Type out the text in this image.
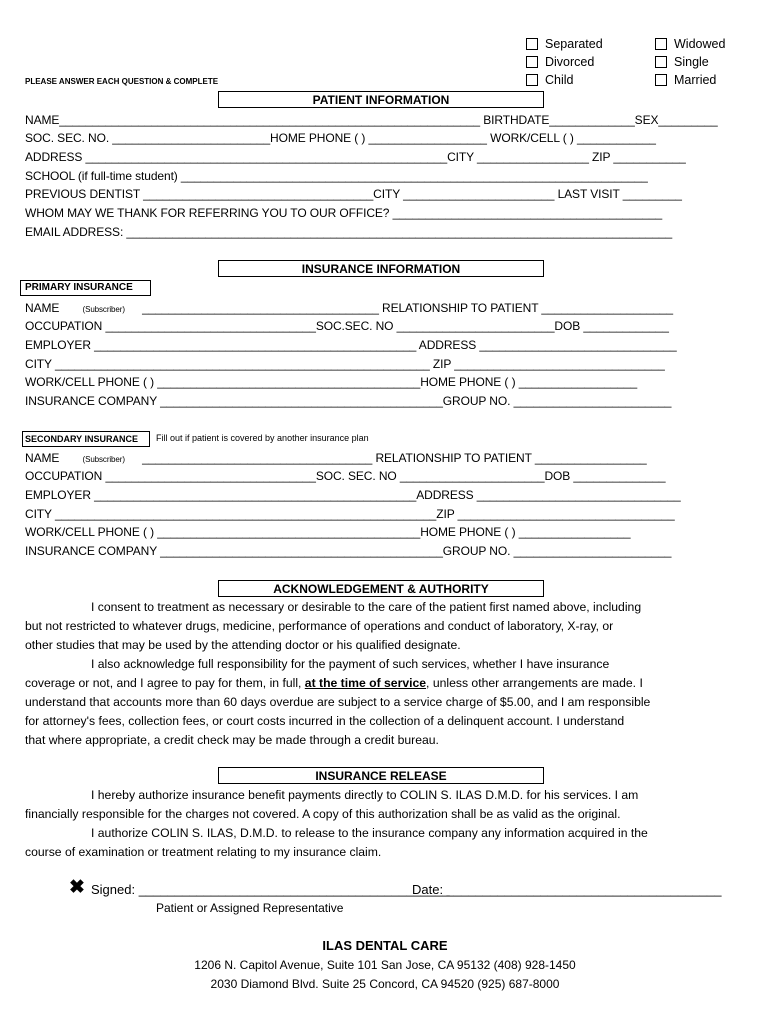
Separated
Divorced
Child
Widowed
Single
Married
PLEASE ANSWER EACH QUESTION & COMPLETE
PATIENT INFORMATION
NAME________________________________________________________________ BIRTHDATE_____________SEX_________
SOC. SEC. NO. ________________________HOME PHONE ( ) __________________ WORK/CELL ( ) ____________
ADDRESS _______________________________________________________CITY _________________ ZIP ___________
SCHOOL (if full-time student) _______________________________________________________________________
PREVIOUS DENTIST ___________________________________CITY _______________________ LAST VISIT _________
WHOM MAY WE THANK FOR REFERRING YOU TO OUR OFFICE? _________________________________________
EMAIL ADDRESS: ___________________________________________________________________________________
INSURANCE INFORMATION
PRIMARY INSURANCE
NAME	(Subscriber) ____________________________________ RELATIONSHIP TO PATIENT ____________________
OCCUPATION ________________________________SOC.SEC. NO ________________________DOB _____________
EMPLOYER _________________________________________________ ADDRESS ______________________________
CITY _________________________________________________________ ZIP ________________________________
WORK/CELL PHONE ( ) ________________________________________HOME PHONE ( ) __________________
INSURANCE COMPANY ___________________________________________GROUP NO. ________________________
SECONDARY INSURANCE	Fill out if patient is covered by another insurance plan
NAME	(Subscriber) ___________________________________ RELATIONSHIP TO PATIENT _________________
OCCUPATION ________________________________SOC. SEC. NO ______________________DOB ______________
EMPLOYER _________________________________________________ADDRESS _______________________________
CITY __________________________________________________________ZIP _________________________________
WORK/CELL PHONE ( ) ________________________________________HOME PHONE ( ) _________________
INSURANCE COMPANY ___________________________________________GROUP NO. ________________________
ACKNOWLEDGEMENT & AUTHORITY
I consent to treatment as necessary or desirable to the care of the patient first named above, including
but not restricted to whatever drugs, medicine, performance of operations and conduct of laboratory, X-ray, or
other studies that may be used by the attending doctor or his qualified designate.
I also acknowledge full responsibility for the payment of such services, whether I have insurance
coverage or not, and I agree to pay for them, in full, at the time of service, unless other arrangements are made. I
understand that accounts more than 60 days overdue are subject to a service charge of $5.00, and I am responsible
for attorney's fees, collection fees, or court costs incurred in the collection of a delinquent account. I understand
that where appropriate, a credit check may be made through a credit bureau.
INSURANCE RELEASE
I hereby authorize insurance benefit payments directly to COLIN S. ILAS D.M.D. for his services. I am
financially responsible for the charges not covered. A copy of this authorization shall be as valid as the original.
I authorize COLIN S. ILAS, D.M.D. to release to the insurance company any information acquired in the
course of examination or treatment relating to my insurance claim.
✖ Signed: ___________________________________________
Date: ______________________________________
Patient or Assigned Representative
ILAS DENTAL CARE
1206 N. Capitol Avenue, Suite 101 San Jose, CA 95132 (408) 928-1450
2030 Diamond Blvd. Suite 25 Concord, CA 94520 (925) 687-8000
